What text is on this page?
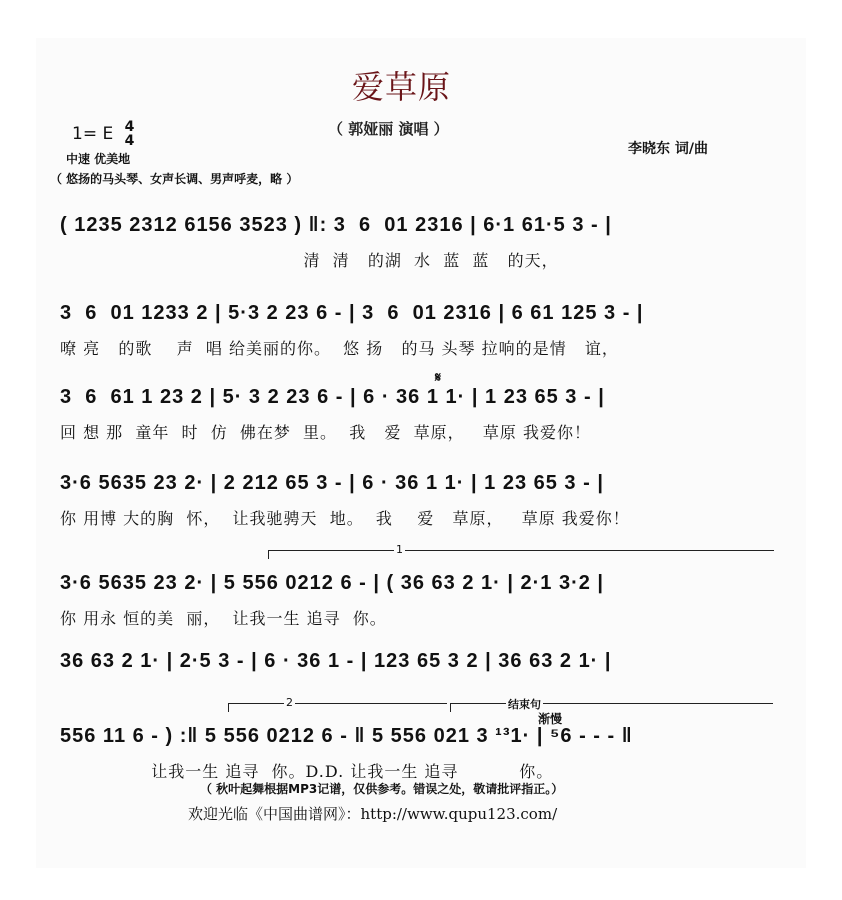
爱草原
（ 郭娅丽 演唱 ）
1= E 4
4
中速 优美地
（ 悠扬的马头琴、女声长调、男声呼麦，略 ）
李晓东 词/曲
( 1235 2312 6156 3523 ) ‖: 3  6  01 2316 | 6·1 61·5 3 - |
清  清   的湖  水  蓝  蓝   的天，
3  6  01 1233 2 | 5·3 2 23 6 - | 3  6  01 2316 | 6 61 125 3 - |
嘹 亮   的歌    声  唱 给美丽的你。  悠 扬   的马 头琴 拉响的是情   谊，
𝄋
3  6  61 1 23 2 | 5· 3 2 23 6 - | 6 · 36 1 1· | 1 23 65 3 - |
回 想 那  童年  时  仿  佛在梦  里。  我   爱  草原，   草原 我爱你！
3·6 5635 23 2· | 2 212 65 3 - | 6 · 36 1 1· | 1 23 65 3 - |
你 用博 大的胸  怀，  让我驰骋天  地。  我    爱   草原，   草原 我爱你！
1
3·6 5635 23 2· | 5 556 0212 6 - | ( 36 63 2 1· | 2·1 3·2 |
你 用永 恒的美  丽，  让我一生 追寻  你。
36 63 2 1· | 2·5 3 - | 6 · 36 1 - | 123 65 3 2 | 36 63 2 1· |
2	结束句
渐慢
556 11 6 - ) :‖ 5 556 0212 6 - ‖ 5 556 021 3 ¹³1· | ⁵6 - - - ‖
让我一生 追寻  你。D.D. 让我一生 追寻          你。
（ 秋叶起舞根据MP3记谱，仅供参考。错误之处，敬请批评指正。）
欢迎光临《中国曲谱网》：http://www.qupu123.com/
